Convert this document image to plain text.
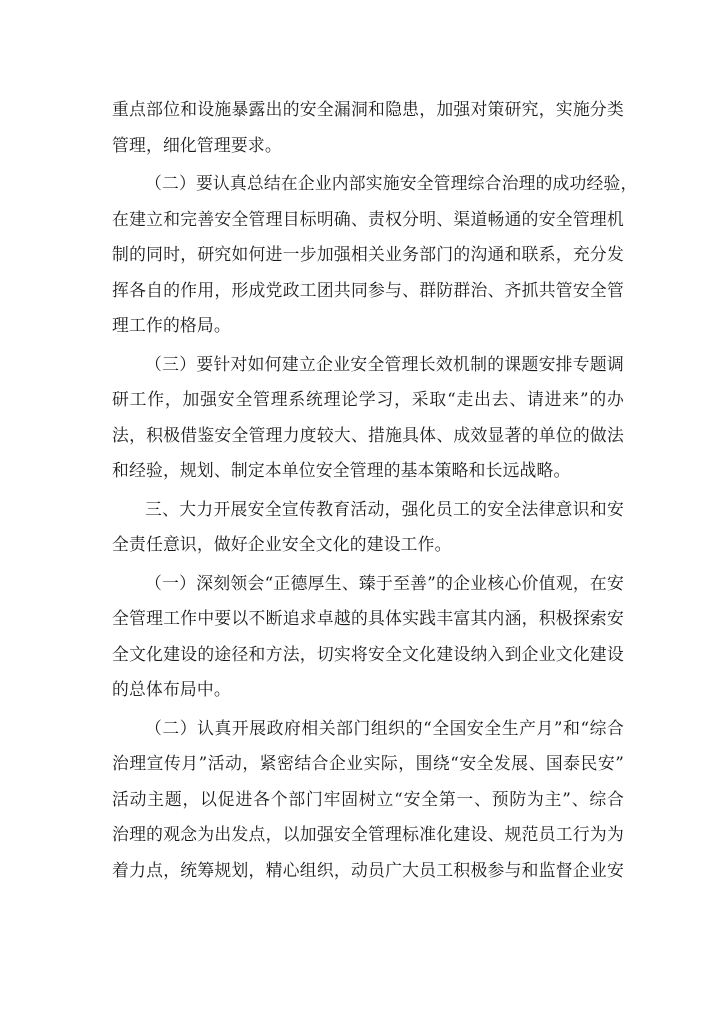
重点部位和设施暴露出的安全漏洞和隐患，加强对策研究，实施分类
管理，细化管理要求。
（二）要认真总结在企业内部实施安全管理综合治理的成功经验，
在建立和完善安全管理目标明确、责权分明、渠道畅通的安全管理机
制的同时，研究如何进一步加强相关业务部门的沟通和联系，充分发
挥各自的作用，形成党政工团共同参与、群防群治、齐抓共管安全管
理工作的格局。
（三）要针对如何建立企业安全管理长效机制的课题安排专题调
研工作，加强安全管理系统理论学习，采取“走出去、请进来”的办
法，积极借鉴安全管理力度较大、措施具体、成效显著的单位的做法
和经验，规划、制定本单位安全管理的基本策略和长远战略。
三、大力开展安全宣传教育活动，强化员工的安全法律意识和安
全责任意识，做好企业安全文化的建设工作。
（一）深刻领会“正德厚生、臻于至善”的企业核心价值观，在安
全管理工作中要以不断追求卓越的具体实践丰富其内涵，积极探索安
全文化建设的途径和方法，切实将安全文化建设纳入到企业文化建设
的总体布局中。
（二）认真开展政府相关部门组织的“全国安全生产月”和“综合
治理宣传月”活动，紧密结合企业实际，围绕“安全发展、国泰民安”
活动主题，以促进各个部门牢固树立“安全第一、预防为主”、综合
治理的观念为出发点，以加强安全管理标准化建设、规范员工行为为
着力点，统筹规划，精心组织，动员广大员工积极参与和监督企业安
